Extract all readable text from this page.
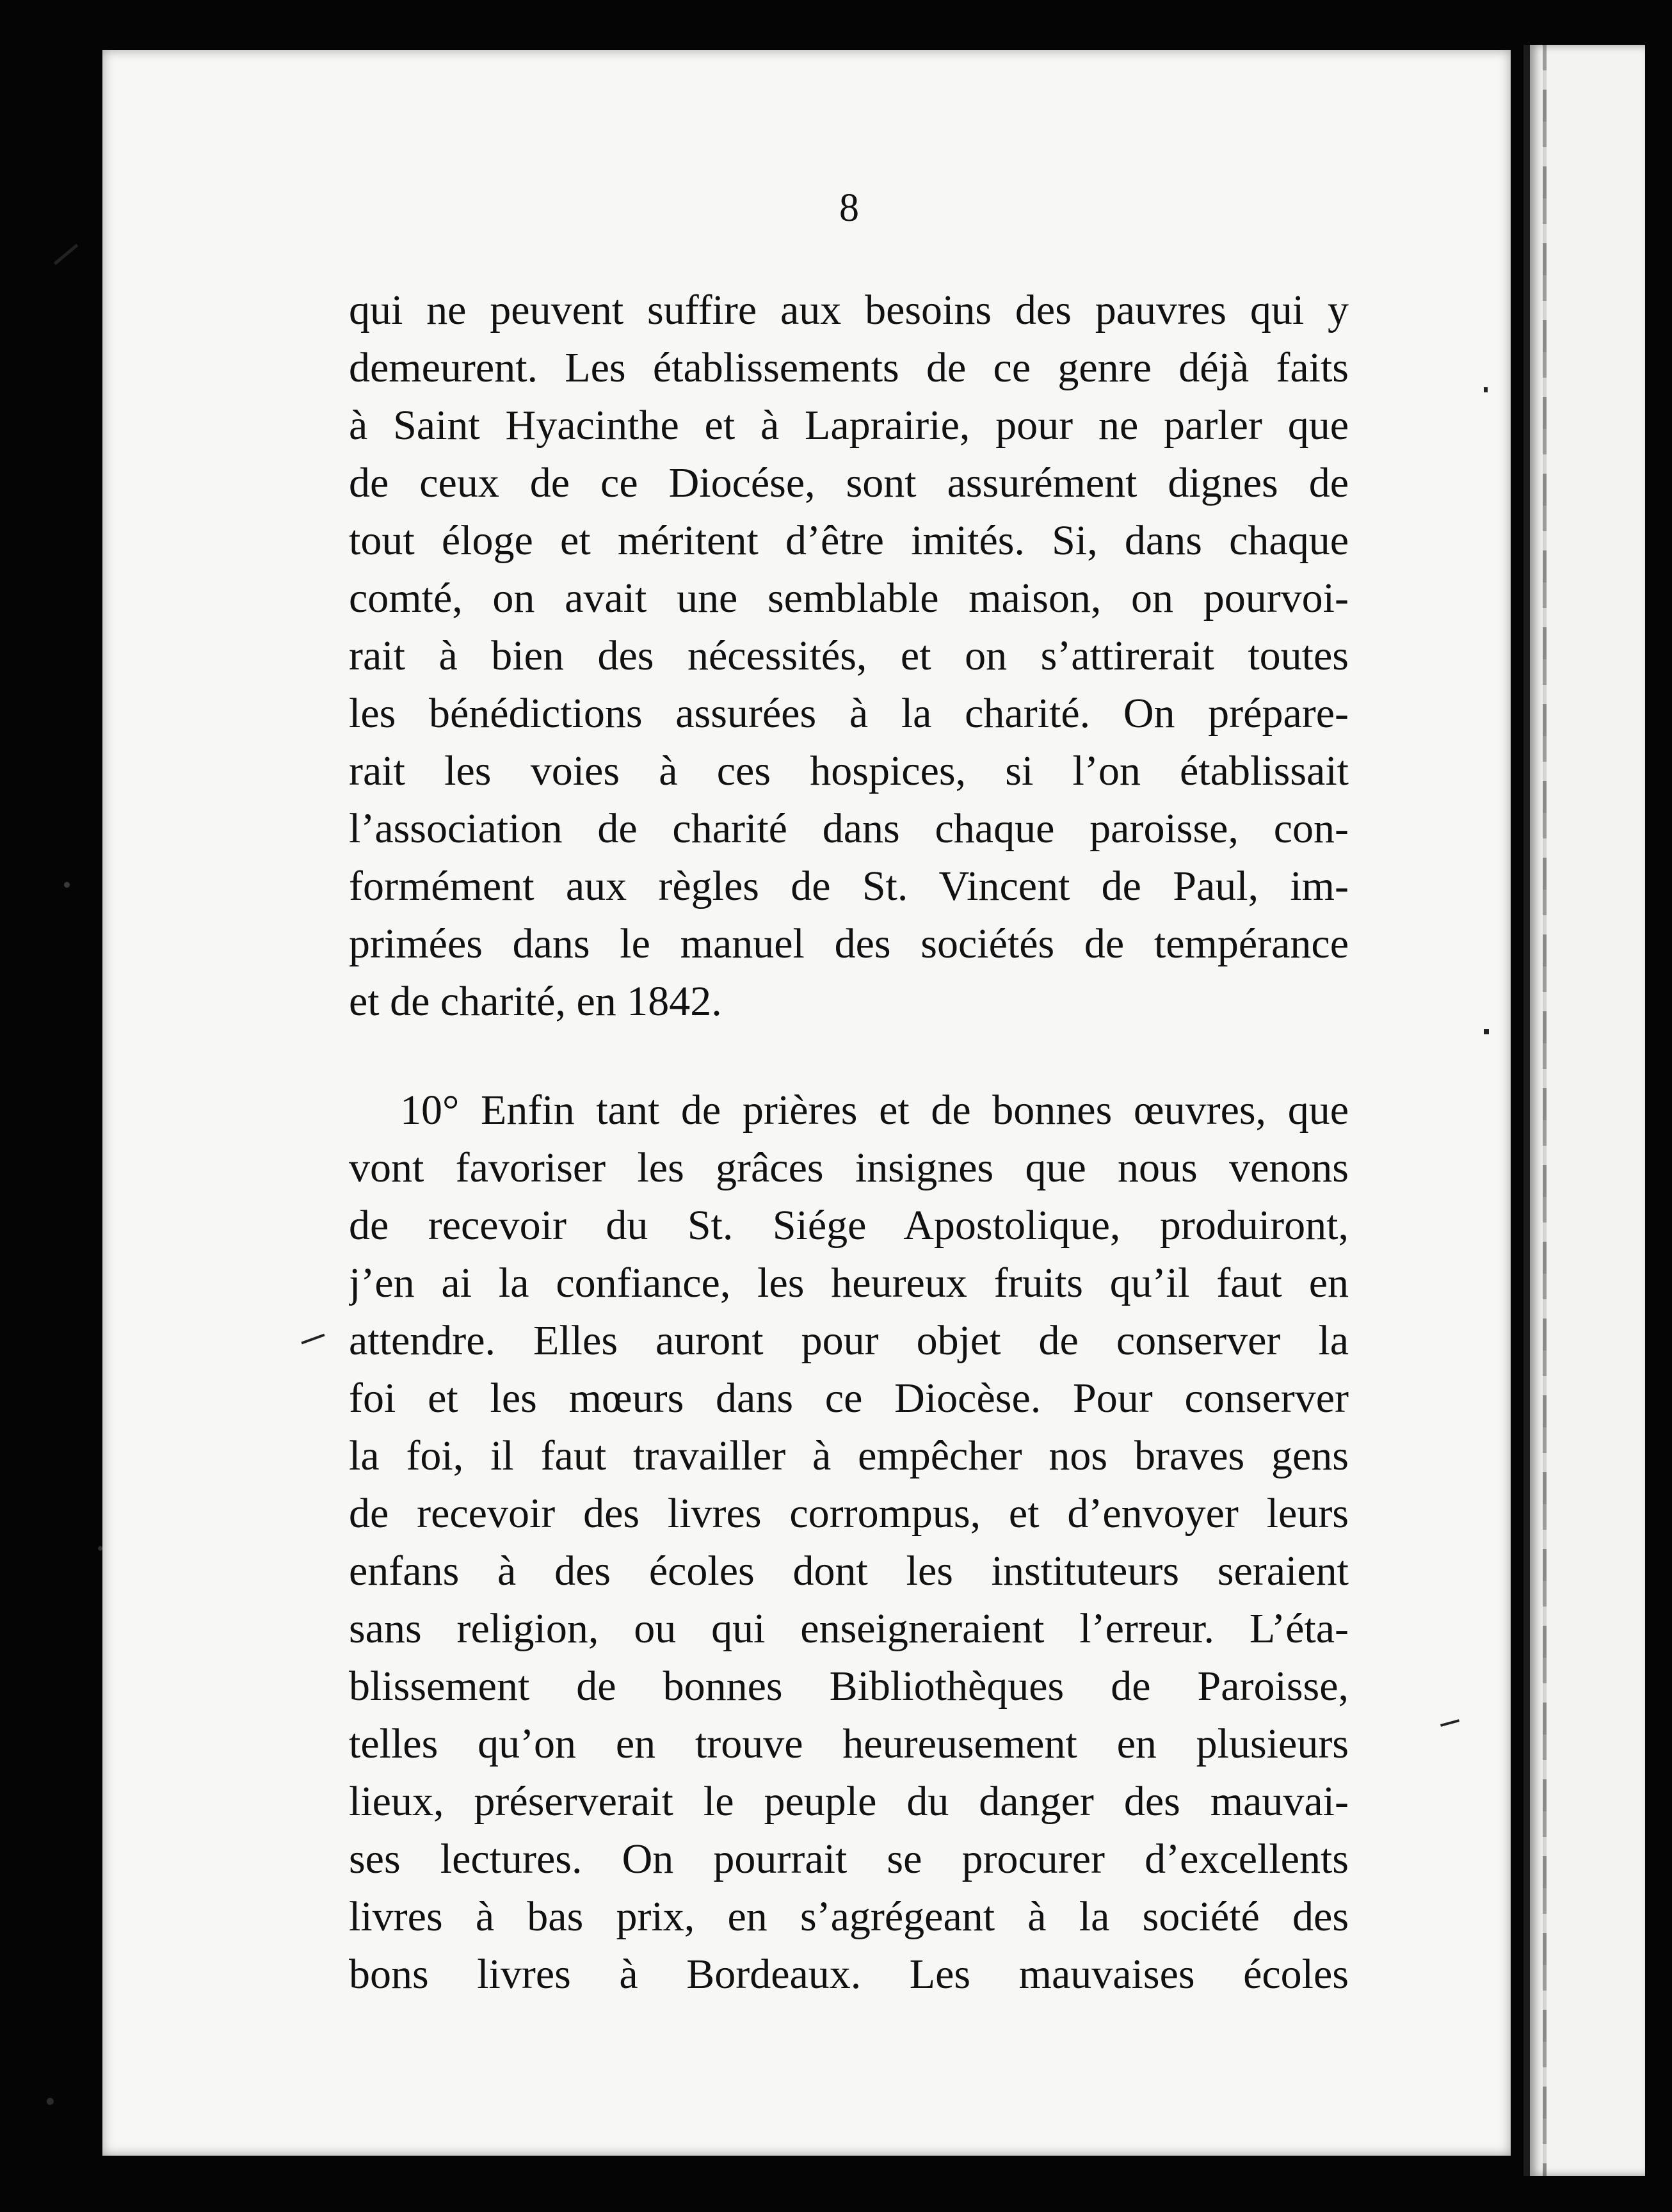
8
qui ne peuvent suffire aux besoins des pauvres qui y
demeurent. Les établissements de ce genre déjà faits
à Saint Hyacinthe et à Laprairie, pour ne parler que
de ceux de ce Diocése, sont assurément dignes de
tout éloge et méritent d’être imités. Si, dans chaque
comté, on avait une semblable maison, on pourvoi-
rait à bien des nécessités, et on s’attirerait toutes
les bénédictions assurées à la charité. On prépare-
rait les voies à ces hospices, si l’on établissait
l’association de charité dans chaque paroisse, con-
formément aux règles de St. Vincent de Paul, im-
primées dans le manuel des sociétés de tempérance
et de charité, en 1842.
10° Enfin tant de prières et de bonnes œuvres, que
vont favoriser les grâces insignes que nous venons
de recevoir du St. Siége Apostolique, produiront,
j’en ai la confiance, les heureux fruits qu’il faut en
attendre. Elles auront pour objet de conserver la
foi et les mœurs dans ce Diocèse. Pour conserver
la foi, il faut travailler à empêcher nos braves gens
de recevoir des livres corrompus, et d’envoyer leurs
enfans à des écoles dont les instituteurs seraient
sans religion, ou qui enseigneraient l’erreur. L’éta-
blissement de bonnes Bibliothèques de Paroisse,
telles qu’on en trouve heureusement en plusieurs
lieux, préserverait le peuple du danger des mauvai-
ses lectures. On pourrait se procurer d’excellents
livres à bas prix, en s’agrégeant à la société des
bons livres à Bordeaux. Les mauvaises écoles
